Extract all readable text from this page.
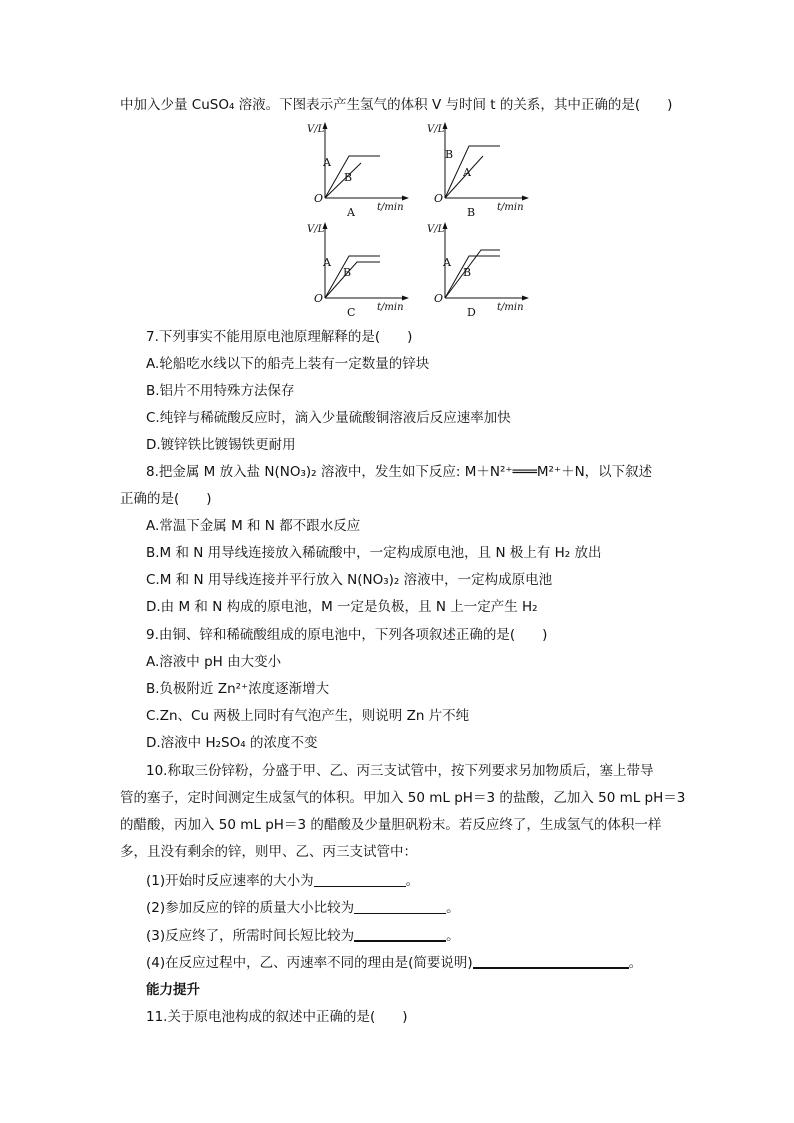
中加入少量 CuSO₄ 溶液。下图表示产生氢气的体积 V 与时间 t 的关系，其中正确的是(　　)
V/L
t/min
O
A
B
A
V/L
t/min
O
B
A
B
V/L
t/min
O
A
B
C
V/L
t/min
O
A
B
D
7.下列事实不能用原电池原理解释的是(　　)
A.轮船吃水线以下的船壳上装有一定数量的锌块
B.铝片不用特殊方法保存
C.纯锌与稀硫酸反应时，滴入少量硫酸铜溶液后反应速率加快
D.镀锌铁比镀锡铁更耐用
8.把金属 M 放入盐 N(NO₃)₂ 溶液中，发生如下反应: M＋N²⁺═══M²⁺＋N，以下叙述
正确的是(　　)
A.常温下金属 M 和 N 都不跟水反应
B.M 和 N 用导线连接放入稀硫酸中，一定构成原电池，且 N 极上有 H₂ 放出
C.M 和 N 用导线连接并平行放入 N(NO₃)₂ 溶液中，一定构成原电池
D.由 M 和 N 构成的原电池，M 一定是负极，且 N 上一定产生 H₂
9.由铜、锌和稀硫酸组成的原电池中，下列各项叙述正确的是(　　)
A.溶液中 pH 由大变小
B.负极附近 Zn²⁺浓度逐渐增大
C.Zn、Cu 两极上同时有气泡产生，则说明 Zn 片不纯
D.溶液中 H₂SO₄ 的浓度不变
10.称取三份锌粉，分盛于甲、乙、丙三支试管中，按下列要求另加物质后，塞上带导
管的塞子，定时间测定生成氢气的体积。甲加入 50 mL pH＝3 的盐酸，乙加入 50 mL pH＝3
的醋酸，丙加入 50 mL pH＝3 的醋酸及少量胆矾粉末。若反应终了，生成氢气的体积一样
多，且没有剩余的锌，则甲、乙、丙三支试管中：
(1)开始时反应速率的大小为	。
(2)参加反应的锌的质量大小比较为	。
(3)反应终了，所需时间长短比较为	。
(4)在反应过程中，乙、丙速率不同的理由是(简要说明)	。
能力提升
11.关于原电池构成的叙述中正确的是(　　)
